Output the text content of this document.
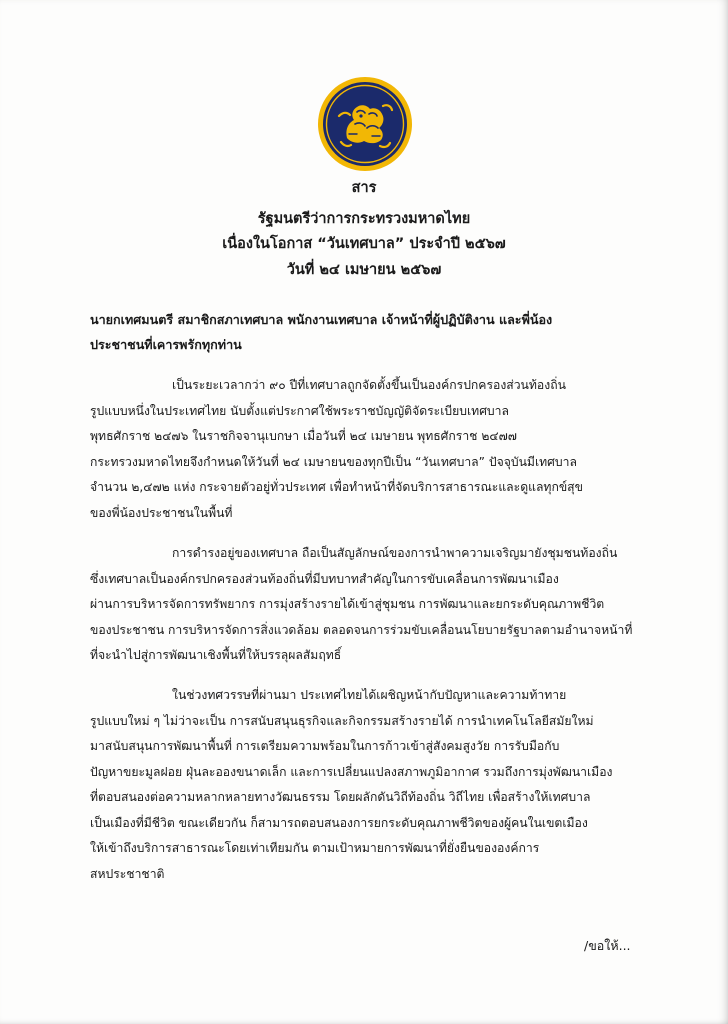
สาร
รัฐมนตรีว่าการกระทรวงมหาดไทย
เนื่องในโอกาส “วันเทศบาล” ประจำปี ๒๕๖๗
วันที่ ๒๔ เมษายน ๒๕๖๗
นายกเทศมนตรี สมาชิกสภาเทศบาล พนักงานเทศบาล เจ้าหน้าที่ผู้ปฏิบัติงาน และพี่น้อง
ประชาชนที่เคารพรักทุกท่าน
เป็นระยะเวลากว่า ๙๐ ปีที่เทศบาลถูกจัดตั้งขึ้นเป็นองค์กรปกครองส่วนท้องถิ่น
รูปแบบหนึ่งในประเทศไทย นับตั้งแต่ประกาศใช้พระราชบัญญัติจัดระเบียบเทศบาล
พุทธศักราช ๒๔๗๖ ในราชกิจจานุเบกษา เมื่อวันที่ ๒๔ เมษายน พุทธศักราช ๒๔๗๗
กระทรวงมหาดไทยจึงกำหนดให้วันที่ ๒๔ เมษายนของทุกปีเป็น “วันเทศบาล” ปัจจุบันมีเทศบาล
จำนวน ๒,๔๗๒ แห่ง กระจายตัวอยู่ทั่วประเทศ เพื่อทำหน้าที่จัดบริการสาธารณะและดูแลทุกข์สุข
ของพี่น้องประชาชนในพื้นที่
การดำรงอยู่ของเทศบาล ถือเป็นสัญลักษณ์ของการนำพาความเจริญมายังชุมชนท้องถิ่น
ซึ่งเทศบาลเป็นองค์กรปกครองส่วนท้องถิ่นที่มีบทบาทสำคัญในการขับเคลื่อนการพัฒนาเมือง
ผ่านการบริหารจัดการทรัพยากร การมุ่งสร้างรายได้เข้าสู่ชุมชน การพัฒนาและยกระดับคุณภาพชีวิต
ของประชาชน การบริหารจัดการสิ่งแวดล้อม ตลอดจนการร่วมขับเคลื่อนนโยบายรัฐบาลตามอำนาจหน้าที่
ที่จะนำไปสู่การพัฒนาเชิงพื้นที่ให้บรรลุผลสัมฤทธิ์
ในช่วงทศวรรษที่ผ่านมา ประเทศไทยได้เผชิญหน้ากับปัญหาและความท้าทาย
รูปแบบใหม่ ๆ ไม่ว่าจะเป็น การสนับสนุนธุรกิจและกิจกรรมสร้างรายได้ การนำเทคโนโลยีสมัยใหม่
มาสนับสนุนการพัฒนาพื้นที่ การเตรียมความพร้อมในการก้าวเข้าสู่สังคมสูงวัย การรับมือกับ
ปัญหาขยะมูลฝอย ฝุ่นละอองขนาดเล็ก และการเปลี่ยนแปลงสภาพภูมิอากาศ รวมถึงการมุ่งพัฒนาเมือง
ที่ตอบสนองต่อความหลากหลายทางวัฒนธรรม โดยผลักดันวิถีท้องถิ่น วิถีไทย เพื่อสร้างให้เทศบาล
เป็นเมืองที่มีชีวิต ขณะเดียวกัน ก็สามารถตอบสนองการยกระดับคุณภาพชีวิตของผู้คนในเขตเมือง
ให้เข้าถึงบริการสาธารณะโดยเท่าเทียมกัน ตามเป้าหมายการพัฒนาที่ยั่งยืนขององค์การ
สหประชาชาติ
/ขอให้...
